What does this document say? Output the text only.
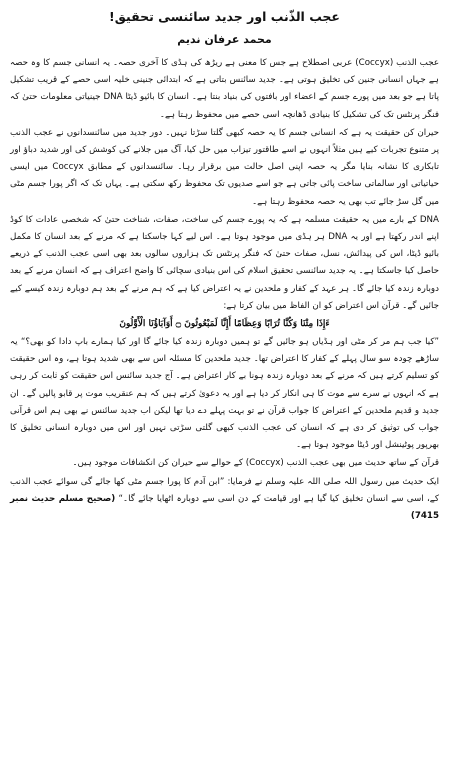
عجب الذّنب اور جدید سائنسی تحقیق!
محمد عرفان ندیم

عجب الذنب (Coccyx) عربی اصطلاح ہے جس کا معنی ہے ریڑھ کی ہڈی کا آخری حصہ۔ یہ انسانی جسم کا وہ حصہ ہے جہاں انسانی جنین کی تخلیق ہوتی ہے۔ جدید سائنس بتاتی ہے کہ ابتدائی جنینی خلیہ اسی حصے کے قریب تشکیل پاتا ہے جو بعد میں پورے جسم کے اعضاء اور بافتوں کی بنیاد بنتا ہے۔ انسان کا بائیو ڈیٹا DNA جینیاتی معلومات حتیٰ کہ فنگر پرنٹس تک کی تشکیل کا بنیادی ڈھانچہ اسی حصے میں محفوظ رہتا ہے۔

حیران کن حقیقت یہ ہے کہ انسانی جسم کا یہ حصہ کبھی گلتا سڑتا نہیں۔ دور جدید میں سائنسدانوں نے عجب الذنب پر متنوع تجربات کیے ہیں مثلاً انہوں نے اسے طاقتور تیزاب میں حل کیا، آگ میں جلانے کی کوشش کی اور شدید دباؤ اور تابکاری کا نشانہ بنایا مگر یہ حصہ اپنی اصل حالت میں برقرار رہا۔ سائنسدانوں کے مطابق Coccyx میں ایسی حیاتیاتی اور سالماتی ساخت پائی جاتی ہے جو اسے صدیوں تک محفوظ رکھ سکتی ہے۔ یہاں تک کہ اگر پورا جسم مٹی میں گل سڑ جائے تب بھی یہ حصہ محفوظ رہتا ہے۔

DNA کے بارے میں یہ حقیقت مسلمہ ہے کہ یہ پورے جسم کی ساخت، صفات، شناخت حتیٰ کہ شخصی عادات کا کوڈ اپنے اندر رکھتا ہے اور یہ DNA ہر ہڈی میں موجود ہوتا ہے۔ اس لیے کہا جاسکتا ہے کہ مرنے کے بعد انسان کا مکمل بائیو ڈیٹا، اس کی پیدائش، نسل، صفات حتیٰ کہ فنگر پرنٹس تک ہزاروں سالوں بعد بھی اسی عجب الذنب کے ذریعے حاصل کیا جاسکتا ہے۔ یہ جدید سائنسی تحقیق اسلام کی اس بنیادی سچائی کا واضح اعتراف ہے کہ انسان مرنے کے بعد دوبارہ زندہ کیا جائے گا۔ ہر عہد کے کفار و ملحدین نے یہ اعتراض کیا ہے کہ ہم مرنے کے بعد ہم دوبارہ زندہ کیسے کیے جائیں گے۔ قرآن اس اعتراض کو ان الفاظ میں بیان کرتا ہے:

ءَإِذَا مِتْنَا وَكُنَّا تُرَابًا وَعِظَامًا أَإِنَّا لَمَبْعُوثُونَ ۝ أَوَآبَاؤُنَا الْأَوَّلُونَ

”کیا جب ہم مر کر مٹی اور ہڈیاں ہو جائیں گے تو ہمیں دوبارہ زندہ کیا جائے گا اور کیا ہمارے باپ دادا کو بھی؟“ یہ ساڑھے چودہ سو سال پہلے کے کفار کا اعتراض تھا۔ جدید ملحدین کا مسئلہ اس سے بھی شدید ہوتا ہے، وہ اس حقیقت کو تسلیم کرتے ہیں کہ مرنے کے بعد دوبارہ زندہ ہونا بے کار اعتراض ہے۔ آج جدید سائنس اس حقیقت کو ثابت کر رہی ہے کہ انہوں نے سرے سے موت کا ہی انکار کر دیا ہے اور یہ دعویٰ کرتے ہیں کہ ہم عنقریب موت پر قابو پالیں گے۔ ان جدید و قدیم ملحدین کے اعتراض کا جواب قرآن نے تو بہت پہلے دے دیا تھا لیکن اب جدید سائنس نے بھی ہم اس قرآنی جواب کی توثیق کر دی ہے کہ انسان کی عجب الذنب کبھی گلتی سڑتی نہیں اور اس میں دوبارہ انسانی تخلیق کا بھرپور پوٹینشل اور ڈیٹا موجود ہوتا ہے۔

قرآن کے ساتھ حدیث میں بھی عجب الذنب (Coccyx) کے حوالے سے حیران کن انکشافات موجود ہیں۔

ایک حدیث میں رسول اللہ صلی اللہ علیہ وسلم نے فرمایا: ”ابن آدم کا پورا جسم مٹی کھا جائے گی سوائے عجب الذنب کے، اسی سے انسان تخلیق کیا گیا ہے اور قیامت کے دن اسی سے دوبارہ اٹھایا جائے گا۔“ (صحیح مسلم حدیث نمبر 7415)
